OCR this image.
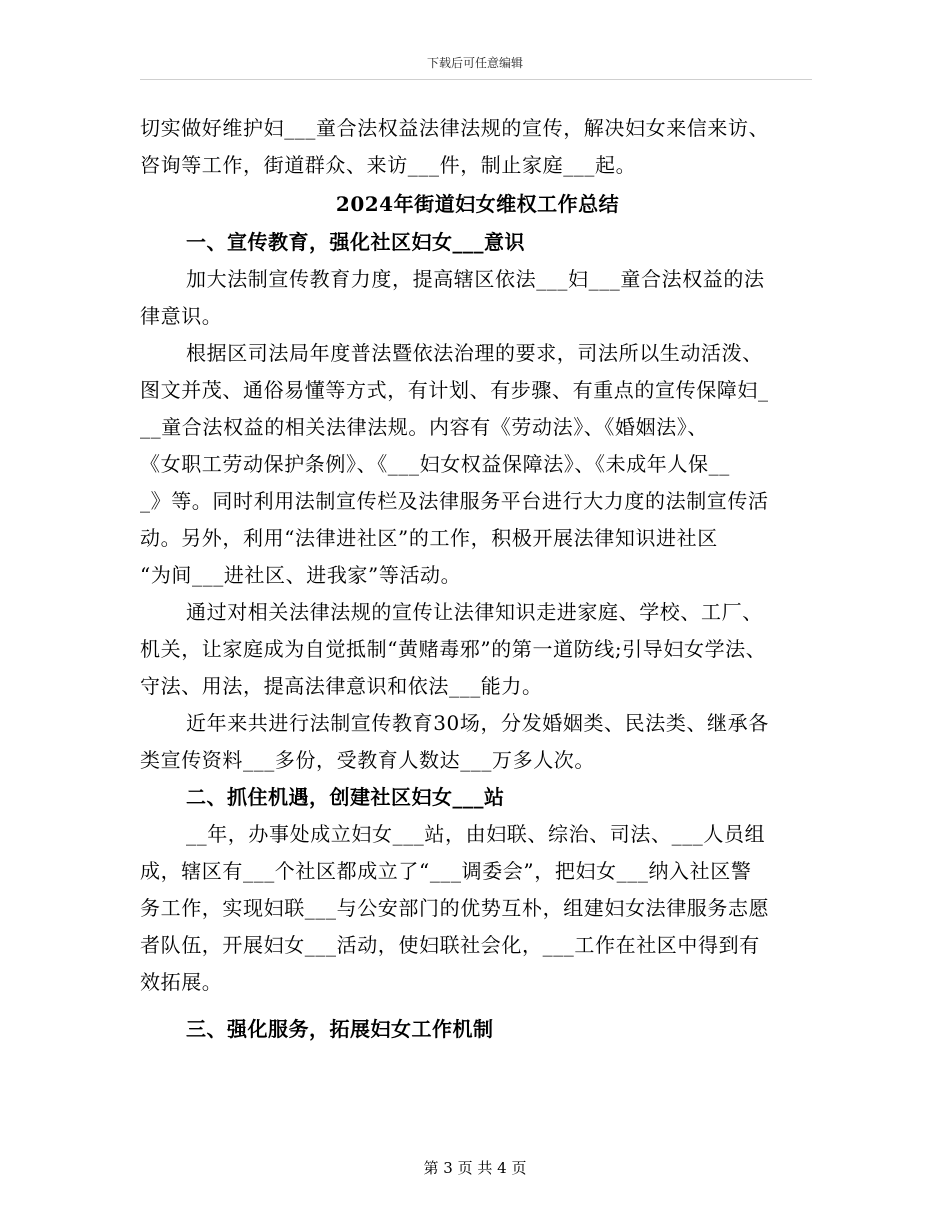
下载后可任意编辑
切实做好维护妇___童合法权益法律法规的宣传，解决妇女来信来访、
咨询等工作，街道群众、来访___件，制止家庭___起。
2024年街道妇女维权工作总结
一、宣传教育，强化社区妇女___意识
加大法制宣传教育力度，提高辖区依法___妇___童合法权益的法
律意识。
根据区司法局年度普法暨依法治理的要求，司法所以生动活泼、
图文并茂、通俗易懂等方式，有计划、有步骤、有重点的宣传保障妇_
__童合法权益的相关法律法规。内容有《劳动法》、《婚姻法》、
《女职工劳动保护条例》、《___妇女权益保障法》、《未成年人保__
_》等。同时利用法制宣传栏及法律服务平台进行大力度的法制宣传活
动。另外，利用“法律进社区”的工作，积极开展法律知识进社区
“为间___进社区、进我家”等活动。
通过对相关法律法规的宣传让法律知识走进家庭、学校、工厂、
机关，让家庭成为自觉抵制“黄赌毒邪”的第一道防线;引导妇女学法、
守法、用法，提高法律意识和依法___能力。
近年来共进行法制宣传教育30场，分发婚姻类、民法类、继承各
类宣传资料___多份，受教育人数达___万多人次。
二、抓住机遇，创建社区妇女___站
__年，办事处成立妇女___站，由妇联、综治、司法、___人员组
成，辖区有___个社区都成立了“___调委会”，把妇女___纳入社区警
务工作，实现妇联___与公安部门的优势互朴，组建妇女法律服务志愿
者队伍，开展妇女___活动，使妇联社会化，___工作在社区中得到有
效拓展。
三、强化服务，拓展妇女工作机制
第 3 页 共 4 页
